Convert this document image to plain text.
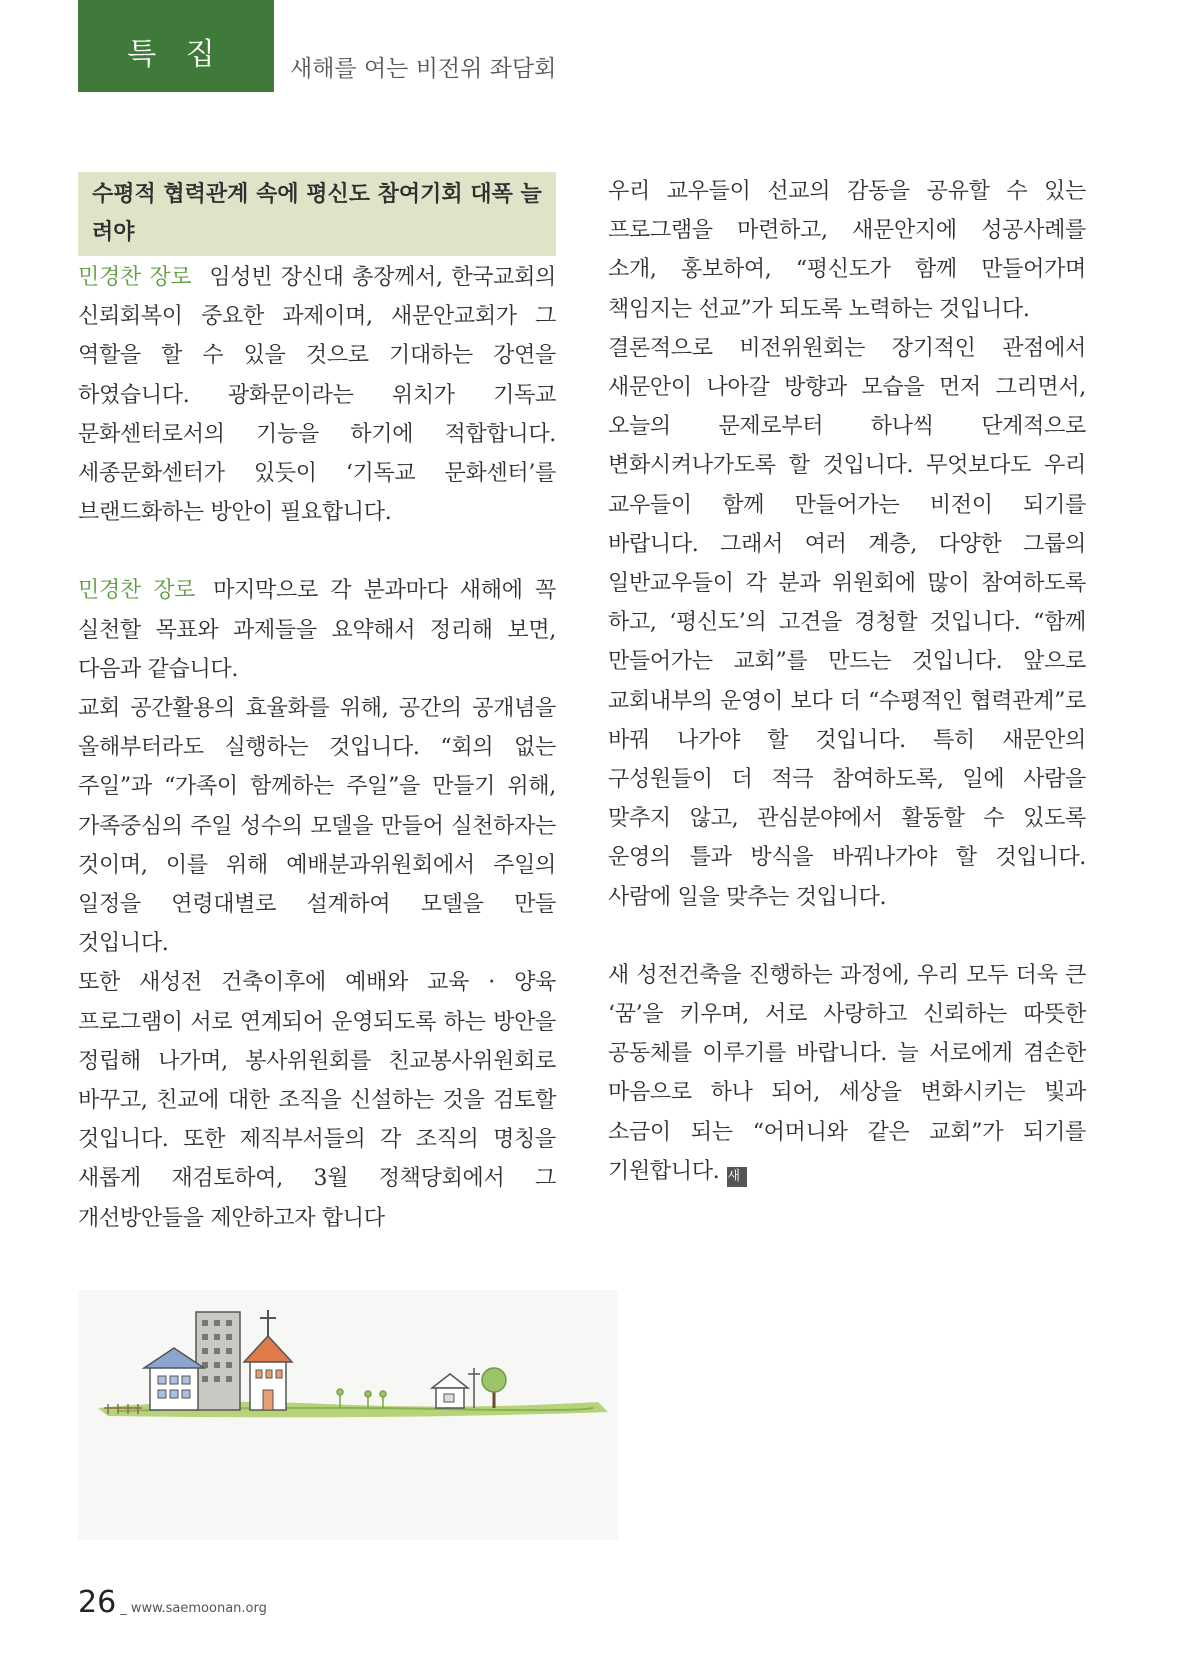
특 집	새해를 여는 비전위 좌담회
수평적 협력관계 속에 평신도 참여기회 대폭 늘려야

민경찬 장로 임성빈 장신대 총장께서, 한국교회의 신뢰회복이 중요한 과제이며, 새문안교회가 그 역할을 할 수 있을 것으로 기대하는 강연을 하였습니다. 광화문이라는 위치가 기독교 문화센터로서의 기능을 하기에 적합합니다. 세종문화센터가 있듯이 ‘기독교 문화센터’를 브랜드화하는 방안이 필요합니다.

민경찬 장로 마지막으로 각 분과마다 새해에 꼭 실천할 목표와 과제들을 요약해서 정리해 보면, 다음과 같습니다.

교회 공간활용의 효율화를 위해, 공간의 공개념을 올해부터라도 실행하는 것입니다. “회의 없는 주일”과 “가족이 함께하는 주일”을 만들기 위해, 가족중심의 주일 성수의 모델을 만들어 실천하자는 것이며, 이를 위해 예배분과위원회에서 주일의 일정을 연령대별로 설계하여 모델을 만들 것입니다.

또한 새성전 건축이후에 예배와 교육 · 양육 프로그램이 서로 연계되어 운영되도록 하는 방안을 정립해 나가며, 봉사위원회를 친교봉사위원회로 바꾸고, 친교에 대한 조직을 신설하는 것을 검토할 것입니다. 또한 제직부서들의 각 조직의 명칭을 새롭게 재검토하여, 3월 정책당회에서 그 개선방안들을 제안하고자 합니다

우리 교우들이 선교의 감동을 공유할 수 있는 프로그램을 마련하고, 새문안지에 성공사례를 소개, 홍보하여, “평신도가 함께 만들어가며 책임지는 선교”가 되도록 노력하는 것입니다.

결론적으로 비전위원회는 장기적인 관점에서 새문안이 나아갈 방향과 모습을 먼저 그리면서, 오늘의 문제로부터 하나씩 단계적으로 변화시켜나가도록 할 것입니다. 무엇보다도 우리 교우들이 함께 만들어가는 비전이 되기를 바랍니다. 그래서 여러 계층, 다양한 그룹의 일반교우들이 각 분과 위원회에 많이 참여하도록 하고, ‘평신도’의 고견을 경청할 것입니다. “함께 만들어가는 교회”를 만드는 것입니다. 앞으로 교회내부의 운영이 보다 더 “수평적인 협력관계”로 바꿔 나가야 할 것입니다. 특히 새문안의 구성원들이 더 적극 참여하도록, 일에 사람을 맞추지 않고, 관심분야에서 활동할 수 있도록 운영의 틀과 방식을 바꿔나가야 할 것입니다. 사람에 일을 맞추는 것입니다.

새 성전건축을 진행하는 과정에, 우리 모두 더욱 큰 ‘꿈’을 키우며, 서로 사랑하고 신뢰하는 따뜻한 공동체를 이루기를 바랍니다. 늘 서로에게 겸손한 마음으로 하나 되어, 세상을 변화시키는 빛과 소금이 되는 “어머니와 같은 교회”가 되기를 기원합니다. 새

26 _ www.saemoonan.org
